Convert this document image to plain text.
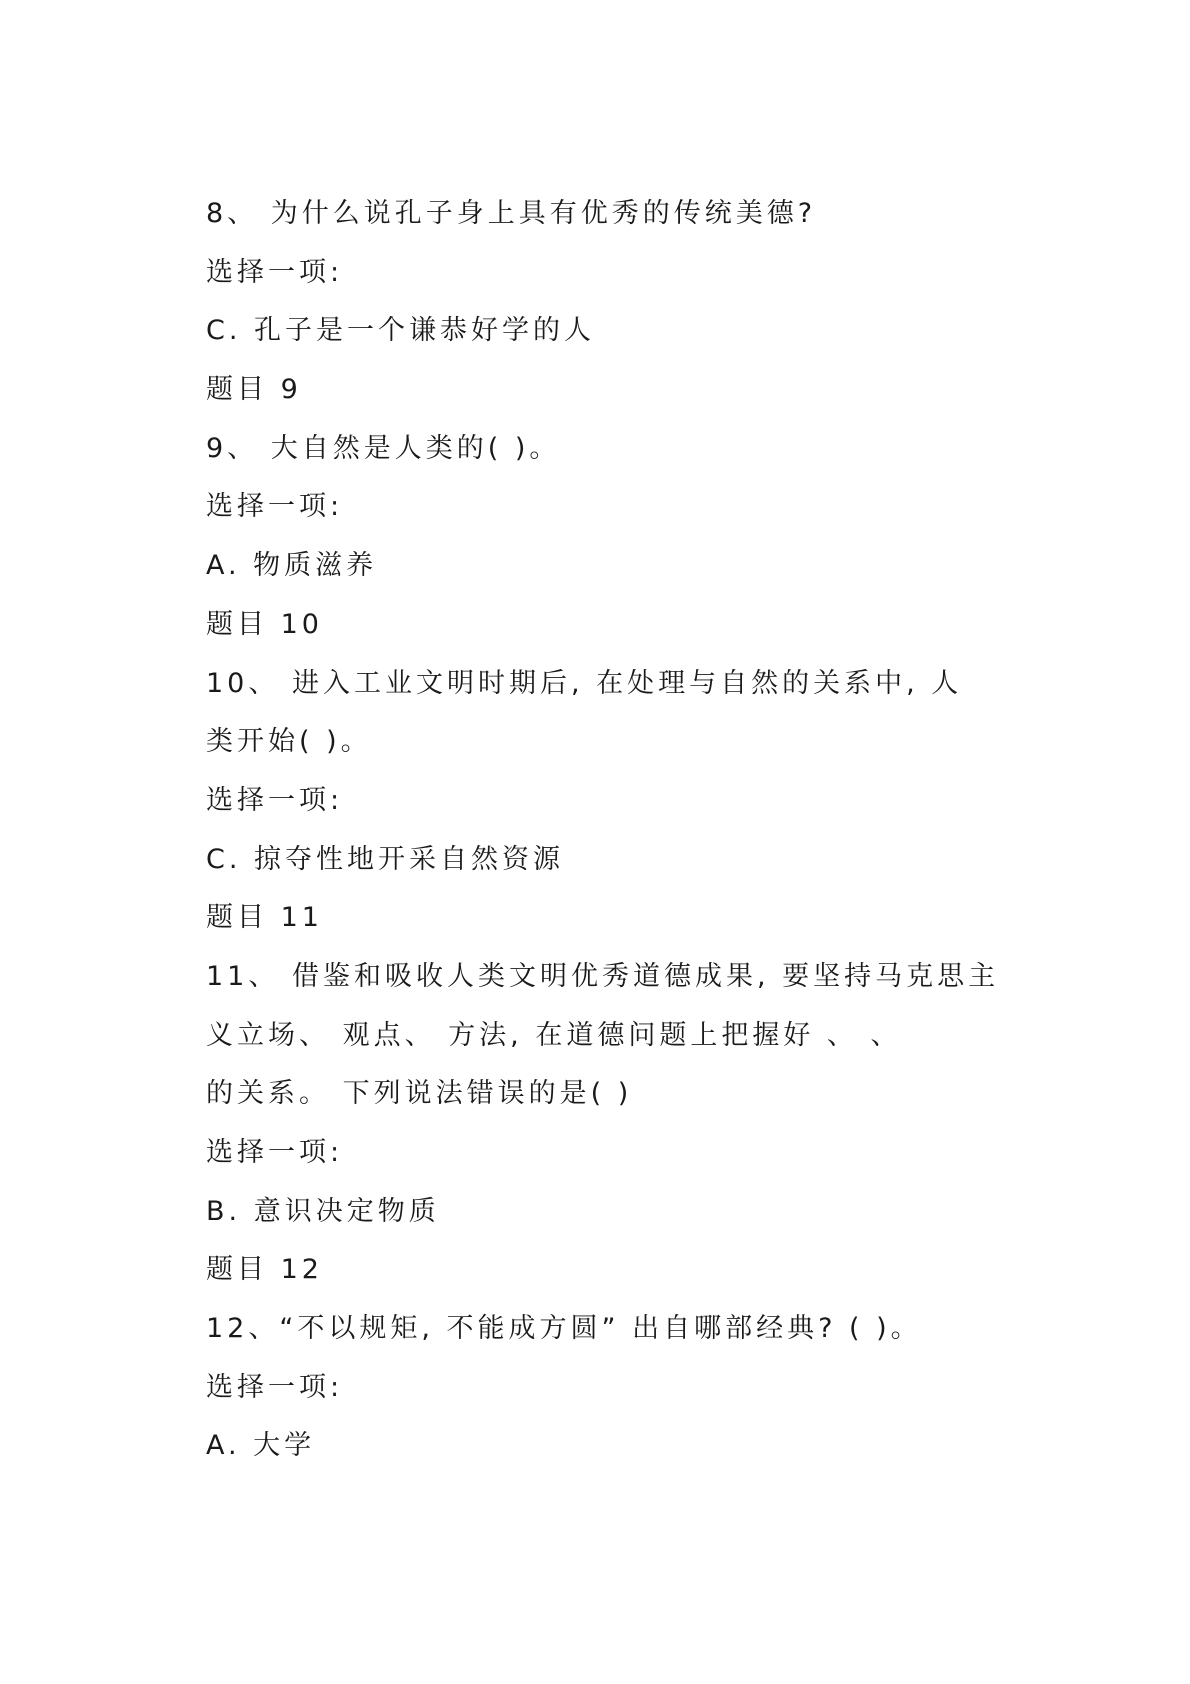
8、 为什么说孔子身上具有优秀的传统美德?
选择一项:
C. 孔子是一个谦恭好学的人
题目 9
9、 大自然是人类的( )。
选择一项:
A. 物质滋养
题目 10
10、 进入工业文明时期后, 在处理与自然的关系中, 人
类开始( )。
选择一项:
C. 掠夺性地开采自然资源
题目 11
11、 借鉴和吸收人类文明优秀道德成果, 要坚持马克思主
义立场、 观点、 方法, 在道德问题上把握好 、 、
的关系。 下列说法错误的是( )
选择一项:
B. 意识决定物质
题目 12
12、“不以规矩, 不能成方圆” 出自哪部经典? ( )。
选择一项:
A. 大学
